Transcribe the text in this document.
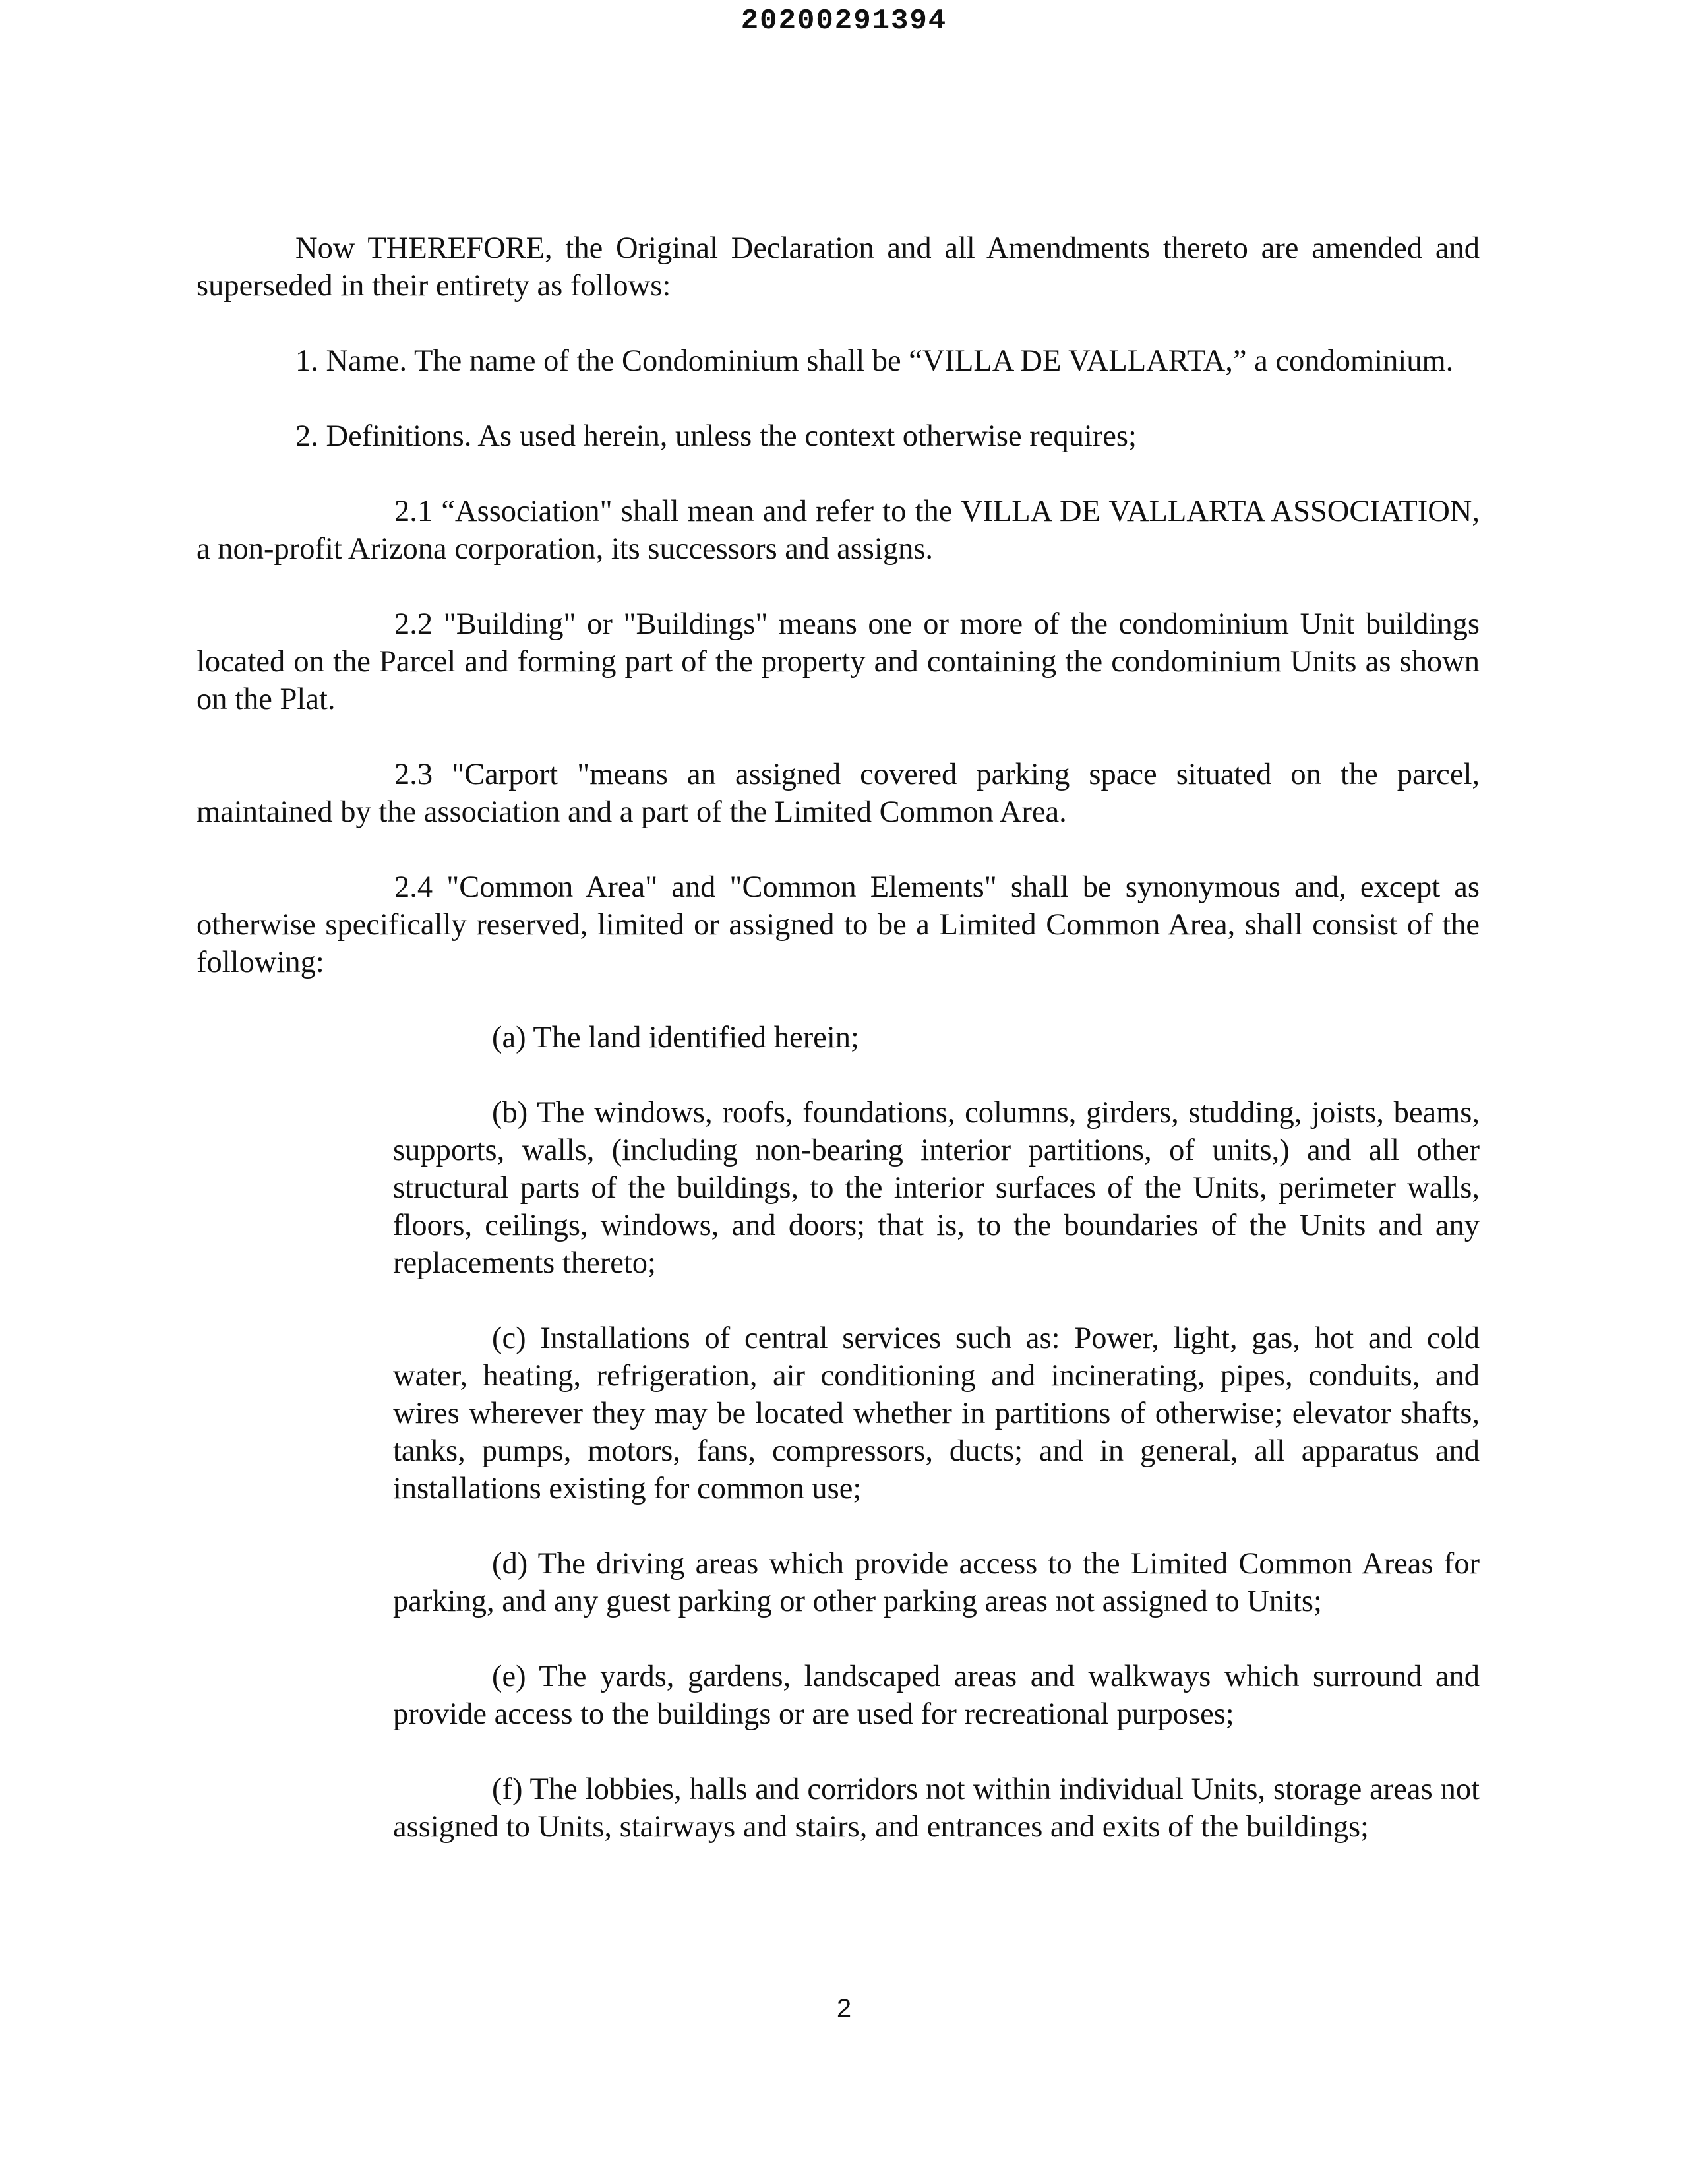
20200291394

Now THEREFORE, the Original Declaration and all Amendments thereto are amended and superseded in their entirety as follows:

1. Name. The name of the Condominium shall be “VILLA DE VALLARTA,” a condominium.

2. Definitions. As used herein, unless the context otherwise requires;

2.1 “Association" shall mean and refer to the VILLA DE VALLARTA ASSOCIATION, a non-profit Arizona corporation, its successors and assigns.

2.2 "Building" or "Buildings" means one or more of the condominium Unit buildings located on the Parcel and forming part of the property and containing the condominium Units as shown on the Plat.

2.3 "Carport "means an assigned covered parking space situated on the parcel, maintained by the association and a part of the Limited Common Area.

2.4 "Common Area" and "Common Elements" shall be synonymous and, except as otherwise specifically reserved, limited or assigned to be a Limited Common Area, shall consist of the following:

(a) The land identified herein;

(b) The windows, roofs, foundations, columns, girders, studding, joists, beams, supports, walls, (including non-bearing interior partitions, of units,) and all other structural parts of the buildings, to the interior surfaces of the Units, perimeter walls, floors, ceilings, windows, and doors; that is, to the boundaries of the Units and any replacements thereto;

(c) Installations of central services such as: Power, light, gas, hot and cold water, heating, refrigeration, air conditioning and incinerating, pipes, conduits, and wires wherever they may be located whether in partitions of otherwise; elevator shafts, tanks, pumps, motors, fans, compressors, ducts; and in general, all apparatus and installations existing for common use;

(d) The driving areas which provide access to the Limited Common Areas for parking, and any guest parking or other parking areas not assigned to Units;

(e) The yards, gardens, landscaped areas and walkways which surround and provide access to the buildings or are used for recreational purposes;

(f) The lobbies, halls and corridors not within individual Units, storage areas not assigned to Units, stairways and stairs, and entrances and exits of the buildings;

2
